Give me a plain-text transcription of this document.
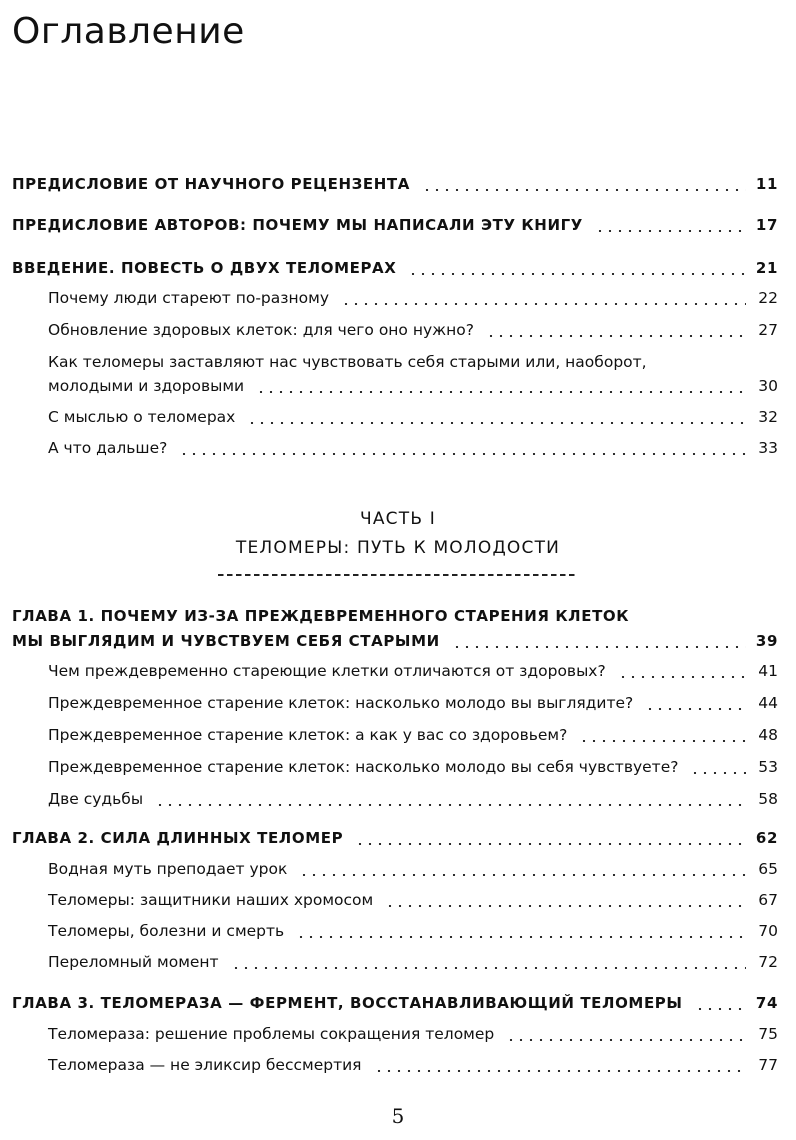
Оглавление
ПРЕДИСЛОВИЕ ОТ НАУЧНОГО РЕЦЕНЗЕНТА	11
ПРЕДИСЛОВИЕ АВТОРОВ: ПОЧЕМУ МЫ НАПИСАЛИ ЭТУ КНИГУ	17
ВВЕДЕНИЕ. ПОВЕСТЬ О ДВУХ ТЕЛОМЕРАХ	21
Почему люди стареют по-разному	22
Обновление здоровых клеток: для чего оно нужно?	27
Как теломеры заставляют нас чувствовать себя старыми или, наоборот,
молодыми и здоровыми	30
С мыслью о теломерах	32
А что дальше?	33
ЧАСТЬ I
ТЕЛОМЕРЫ: ПУТЬ К МОЛОДОСТИ
ГЛАВА 1. ПОЧЕМУ ИЗ-ЗА ПРЕЖДЕВРЕМЕННОГО СТАРЕНИЯ КЛЕТОК
МЫ ВЫГЛЯДИМ И ЧУВСТВУЕМ СЕБЯ СТАРЫМИ	39
Чем преждевременно стареющие клетки отличаются от здоровых?	41
Преждевременное старение клеток: насколько молодо вы выглядите?	44
Преждевременное старение клеток: а как у вас со здоровьем?	48
Преждевременное старение клеток: насколько молодо вы себя чувствуете?	53
Две судьбы	58
ГЛАВА 2. СИЛА ДЛИННЫХ ТЕЛОМЕР	62
Водная муть преподает урок	65
Теломеры: защитники наших хромосом	67
Теломеры, болезни и смерть	70
Переломный момент	72
ГЛАВА 3. ТЕЛОМЕРАЗА — ФЕРМЕНТ, ВОССТАНАВЛИВАЮЩИЙ ТЕЛОМЕРЫ	74
Теломераза: решение проблемы сокращения теломер	75
Теломераза — не эликсир бессмертия	77
5
